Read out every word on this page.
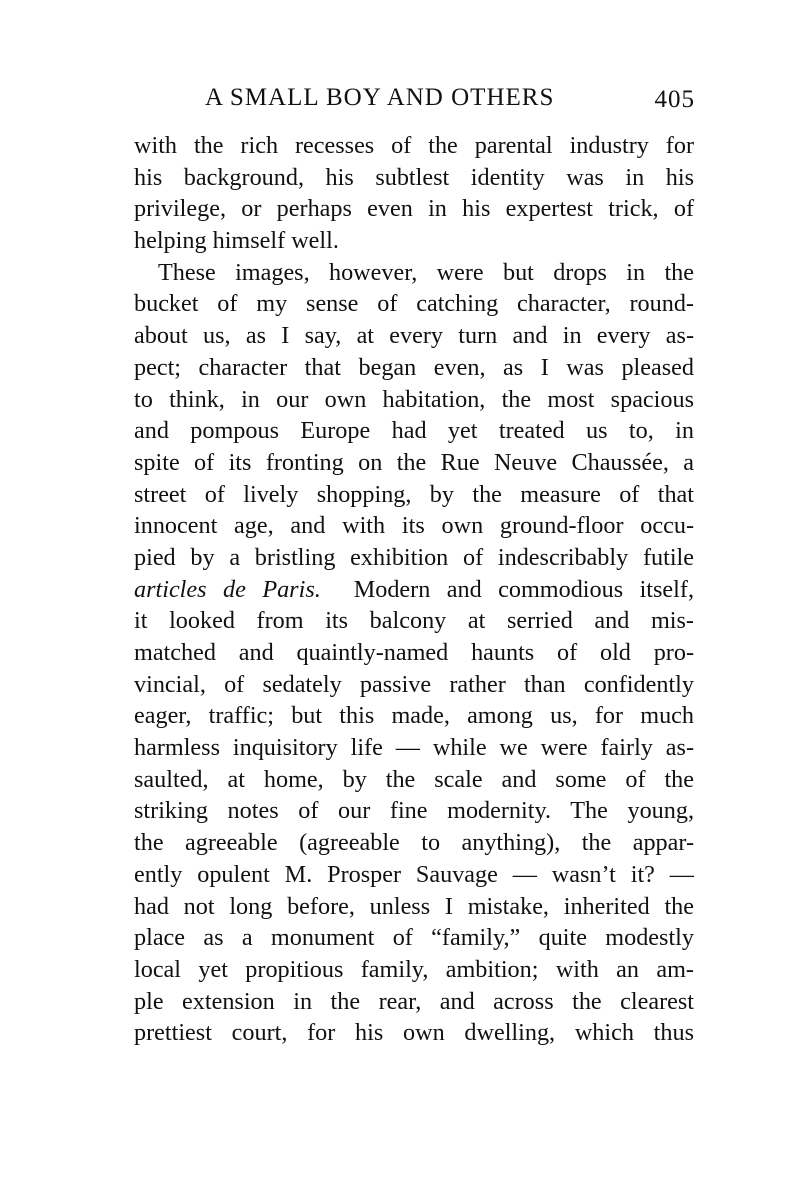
A SMALL BOY AND OTHERS	405
with the rich recesses of the parental industry for
his background, his subtlest identity was in his
privilege, or perhaps even in his expertest trick, of
helping himself well.
These images, however, were but drops in the
bucket of my sense of catching character, round-
about us, as I say, at every turn and in every as-
pect; character that began even, as I was pleased
to think, in our own habitation, the most spacious
and pompous Europe had yet treated us to, in
spite of its fronting on the Rue Neuve Chaussée, a
street of lively shopping, by the measure of that
innocent age, and with its own ground-floor occu-
pied by a bristling exhibition of indescribably futile
articles de Paris. Modern and commodious itself,
it looked from its balcony at serried and mis-
matched and quaintly-named haunts of old pro-
vincial, of sedately passive rather than confidently
eager, traffic; but this made, among us, for much
harmless inquisitory life — while we were fairly as-
saulted, at home, by the scale and some of the
striking notes of our fine modernity. The young,
the agreeable (agreeable to anything), the appar-
ently opulent M. Prosper Sauvage — wasn’t it? —
had not long before, unless I mistake, inherited the
place as a monument of “family,” quite modestly
local yet propitious family, ambition; with an am-
ple extension in the rear, and across the clearest
prettiest court, for his own dwelling, which thus
